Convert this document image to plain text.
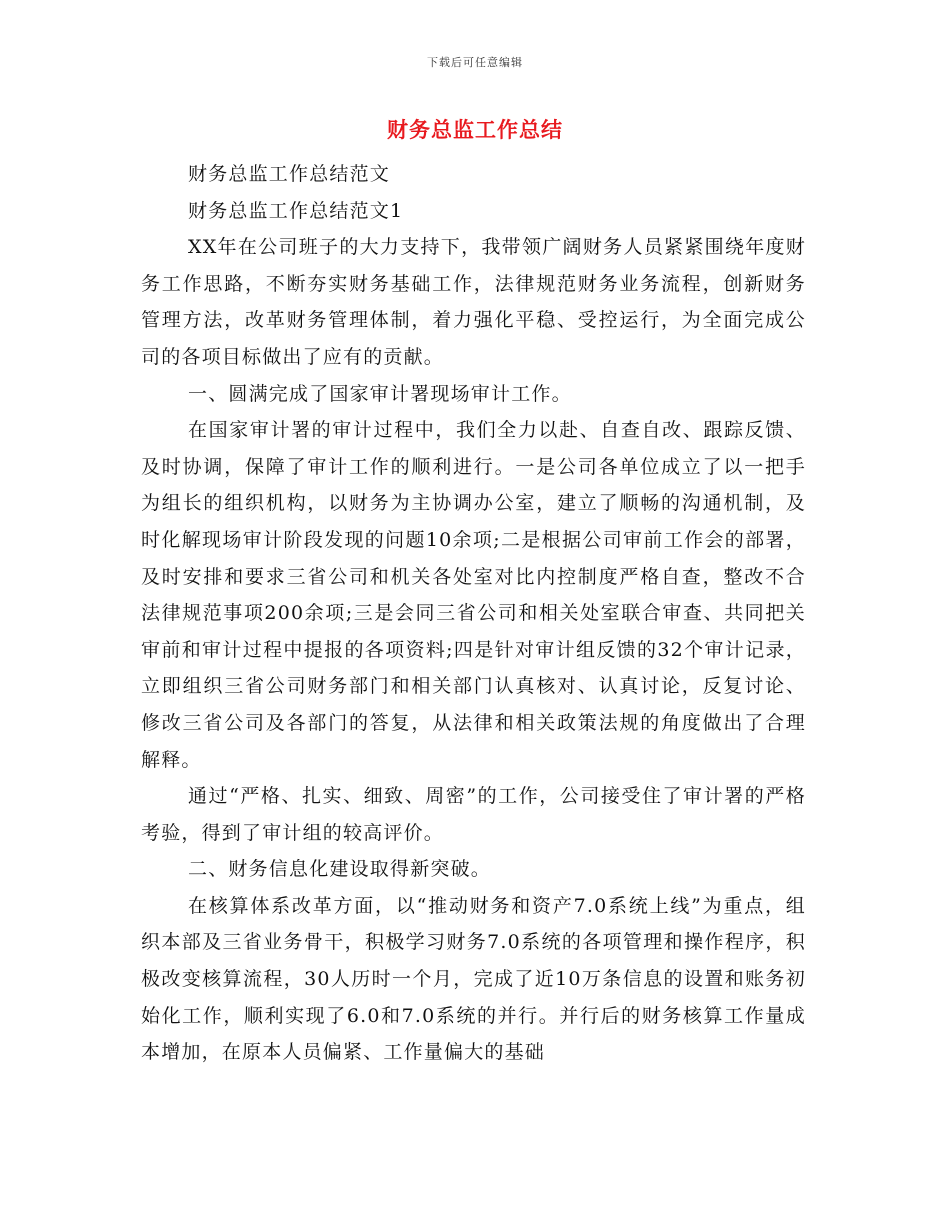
下载后可任意编辑
财务总监工作总结

财务总监工作总结范文

财务总监工作总结范文1

XX年在公司班子的大力支持下，我带领广阔财务人员紧紧围绕年度财务工作思路，不断夯实财务基础工作，法律规范财务业务流程，创新财务管理方法，改革财务管理体制，着力强化平稳、受控运行，为全面完成公司的各项目标做出了应有的贡献。

一、圆满完成了国家审计署现场审计工作。

在国家审计署的审计过程中，我们全力以赴、自查自改、跟踪反馈、及时协调，保障了审计工作的顺利进行。一是公司各单位成立了以一把手为组长的组织机构，以财务为主协调办公室，建立了顺畅的沟通机制，及时化解现场审计阶段发现的问题10余项;二是根据公司审前工作会的部署，及时安排和要求三省公司和机关各处室对比内控制度严格自查，整改不合法律规范事项200余项;三是会同三省公司和相关处室联合审查、共同把关审前和审计过程中提报的各项资料;四是针对审计组反馈的32个审计记录，立即组织三省公司财务部门和相关部门认真核对、认真讨论，反复讨论、修改三省公司及各部门的答复，从法律和相关政策法规的角度做出了合理解释。

通过“严格、扎实、细致、周密”的工作，公司接受住了审计署的严格考验，得到了审计组的较高评价。

二、财务信息化建设取得新突破。

在核算体系改革方面，以“推动财务和资产7.0系统上线”为重点，组织本部及三省业务骨干，积极学习财务7.0系统的各项管理和操作程序，积极改变核算流程，30人历时一个月，完成了近10万条信息的设置和账务初始化工作，顺利实现了6.0和7.0系统的并行。并行后的财务核算工作量成本增加，在原本人员偏紧、工作量偏大的基础
